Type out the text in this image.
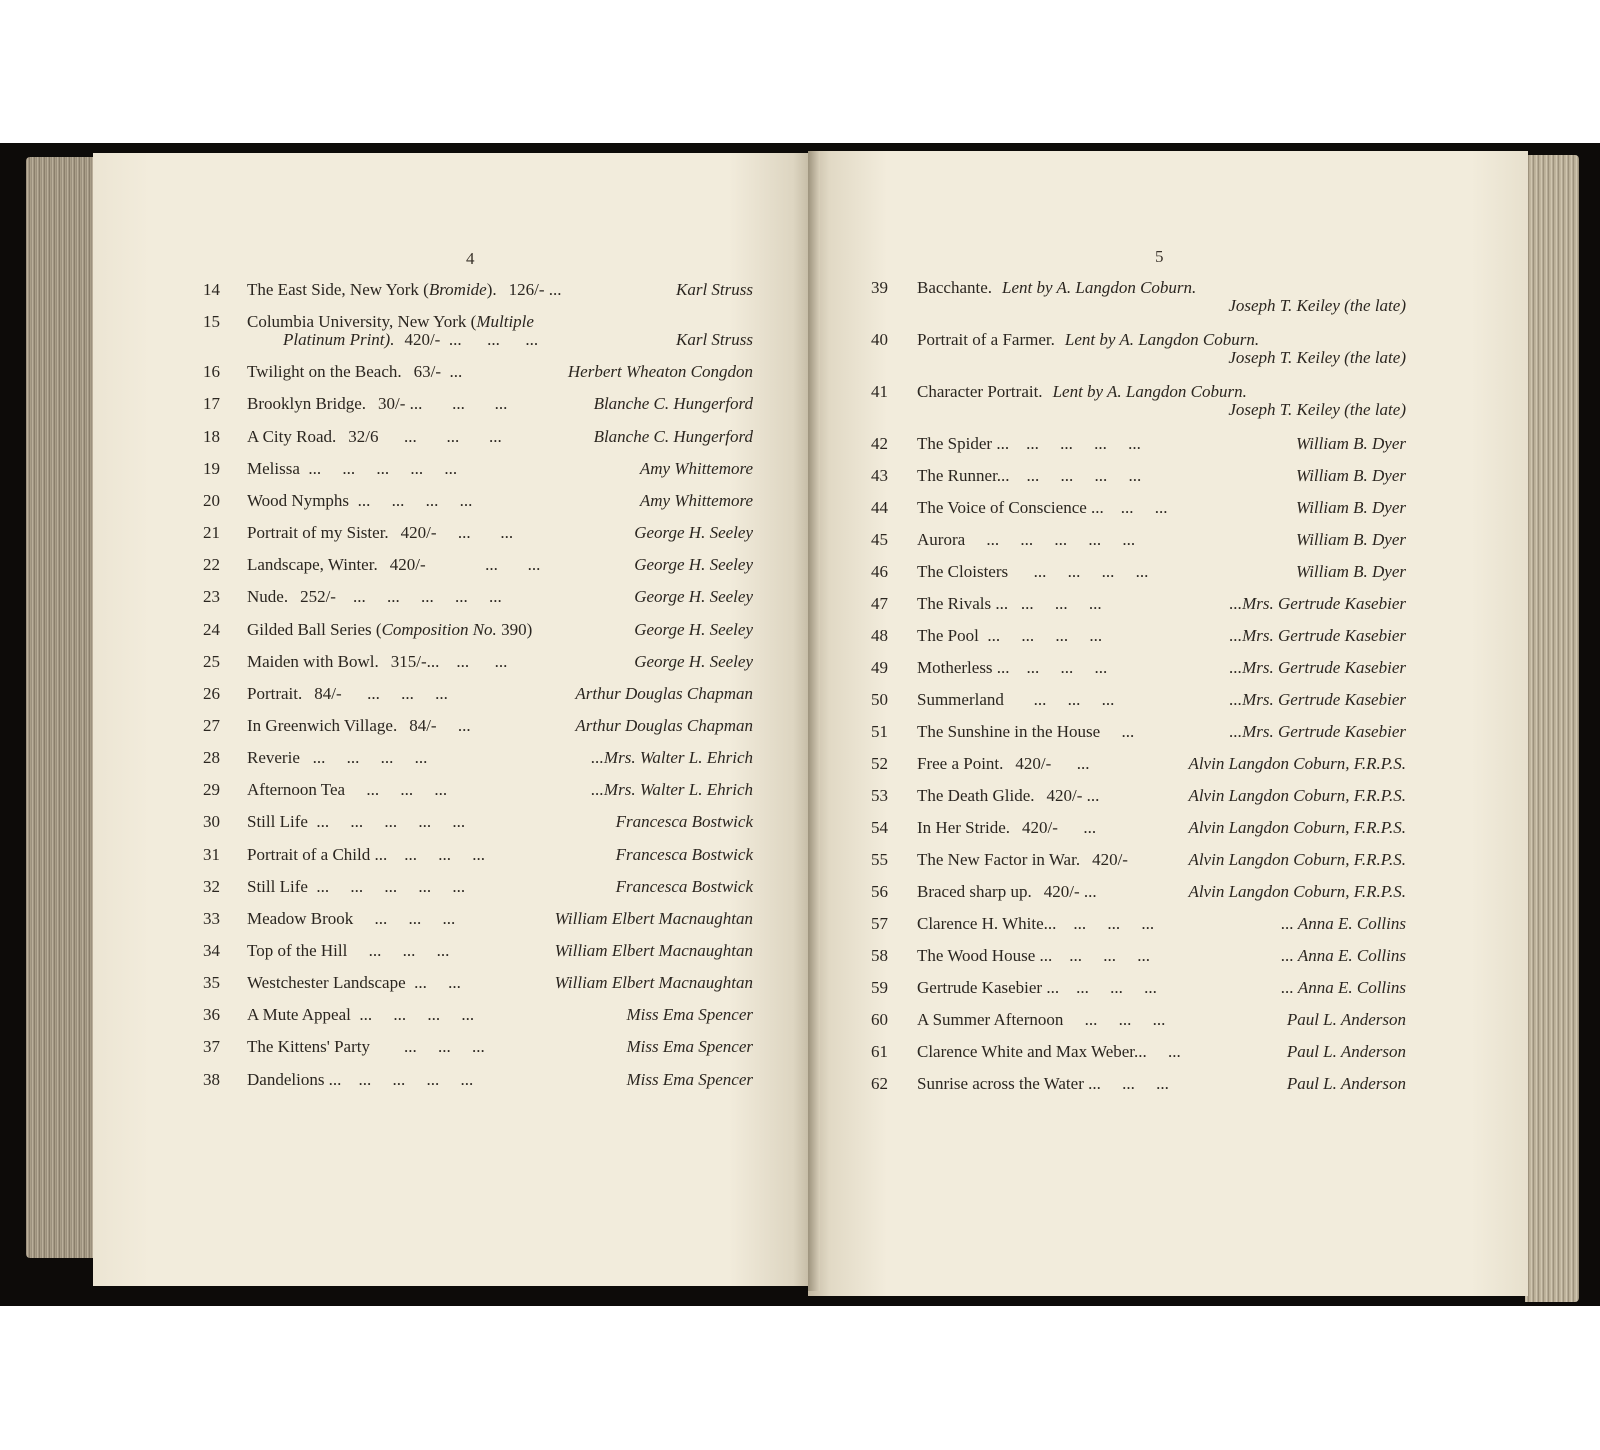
4
14 The East Side, New York (Bromide). 126/- ...	Karl Struss
15 Columbia University, New York (Multiple
Platinum Print). 420/-  ...      ...      ...	Karl Struss
16 Twilight on the Beach. 63/-  ...	Herbert Wheaton Congdon
17 Brooklyn Bridge. 30/- ...       ...       ...	Blanche C. Hungerford
18 A City Road. 32/6      ...       ...       ...	Blanche C. Hungerford
19 Melissa  ...     ...     ...     ...     ...	Amy Whittemore
20 Wood Nymphs  ...     ...     ...     ...	Amy Whittemore
21 Portrait of my Sister. 420/-     ...       ...	George H. Seeley
22 Landscape, Winter. 420/-              ...       ...	George H. Seeley
23 Nude. 252/-    ...     ...     ...     ...     ...	George H. Seeley
24 Gilded Ball Series (Composition No. 390)	George H. Seeley
25 Maiden with Bowl. 315/-...    ...      ...	George H. Seeley
26 Portrait. 84/-      ...     ...     ...	Arthur Douglas Chapman
27 In Greenwich Village. 84/-     ...	Arthur Douglas Chapman
28 Reverie   ...     ...     ...     ...	...Mrs. Walter L. Ehrich
29 Afternoon Tea     ...     ...     ...	...Mrs. Walter L. Ehrich
30 Still Life  ...     ...     ...     ...     ...	Francesca Bostwick
31 Portrait of a Child ...    ...     ...     ...	Francesca Bostwick
32 Still Life  ...     ...     ...     ...     ...	Francesca Bostwick
33 Meadow Brook     ...     ...     ...	William Elbert Macnaughtan
34 Top of the Hill     ...     ...     ...	William Elbert Macnaughtan
35 Westchester Landscape  ...     ...	William Elbert Macnaughtan
36 A Mute Appeal  ...     ...     ...     ...	Miss Ema Spencer
37 The Kittens' Party        ...     ...     ...	Miss Ema Spencer
38 Dandelions ...    ...     ...     ...     ...	Miss Ema Spencer
5
39 Bacchante. Lent by A. Langdon Coburn.
Joseph T. Keiley (the late)
40 Portrait of a Farmer. Lent by A. Langdon Coburn.
Joseph T. Keiley (the late)
41 Character Portrait. Lent by A. Langdon Coburn.
Joseph T. Keiley (the late)
42 The Spider ...    ...     ...     ...     ...	William B. Dyer
43 The Runner...    ...     ...     ...     ...	William B. Dyer
44 The Voice of Conscience ...    ...     ...	William B. Dyer
45 Aurora     ...     ...     ...     ...     ...	William B. Dyer
46 The Cloisters      ...     ...     ...     ...	William B. Dyer
47 The Rivals ...   ...     ...     ...	...Mrs. Gertrude Kasebier
48 The Pool  ...     ...     ...     ...	...Mrs. Gertrude Kasebier
49 Motherless ...    ...     ...     ...	...Mrs. Gertrude Kasebier
50 Summerland       ...     ...     ...	...Mrs. Gertrude Kasebier
51 The Sunshine in the House     ...	...Mrs. Gertrude Kasebier
52 Free a Point. 420/-      ...	Alvin Langdon Coburn, F.R.P.S.
53 The Death Glide. 420/- ...	Alvin Langdon Coburn, F.R.P.S.
54 In Her Stride. 420/-      ...	Alvin Langdon Coburn, F.R.P.S.
55 The New Factor in War. 420/-	Alvin Langdon Coburn, F.R.P.S.
56 Braced sharp up. 420/- ...	Alvin Langdon Coburn, F.R.P.S.
57 Clarence H. White...    ...     ...     ...	... Anna E. Collins
58 The Wood House ...    ...     ...     ...	... Anna E. Collins
59 Gertrude Kasebier ...    ...     ...     ...	... Anna E. Collins
60 A Summer Afternoon     ...     ...     ...	Paul L. Anderson
61 Clarence White and Max Weber...     ...	Paul L. Anderson
62 Sunrise across the Water ...     ...     ...	Paul L. Anderson
